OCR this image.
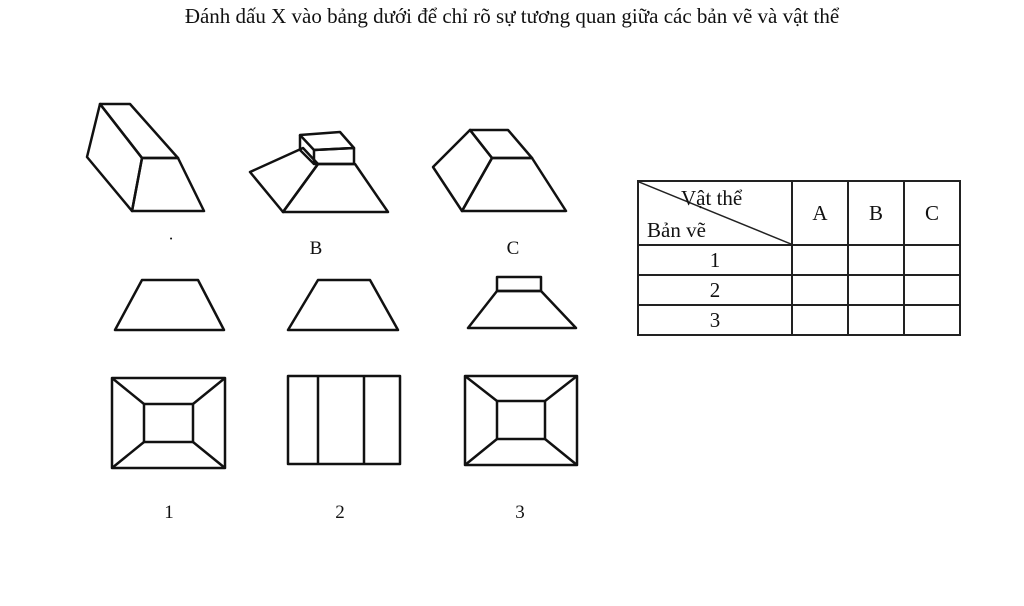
Đánh dấu X vào bảng dưới để chỉ rõ sự tương quan giữa các bản vẽ và vật thể
˙	B	C
1	2	3
Vật thể
Bản vẽ	A	B	C
1			
2			
3			
